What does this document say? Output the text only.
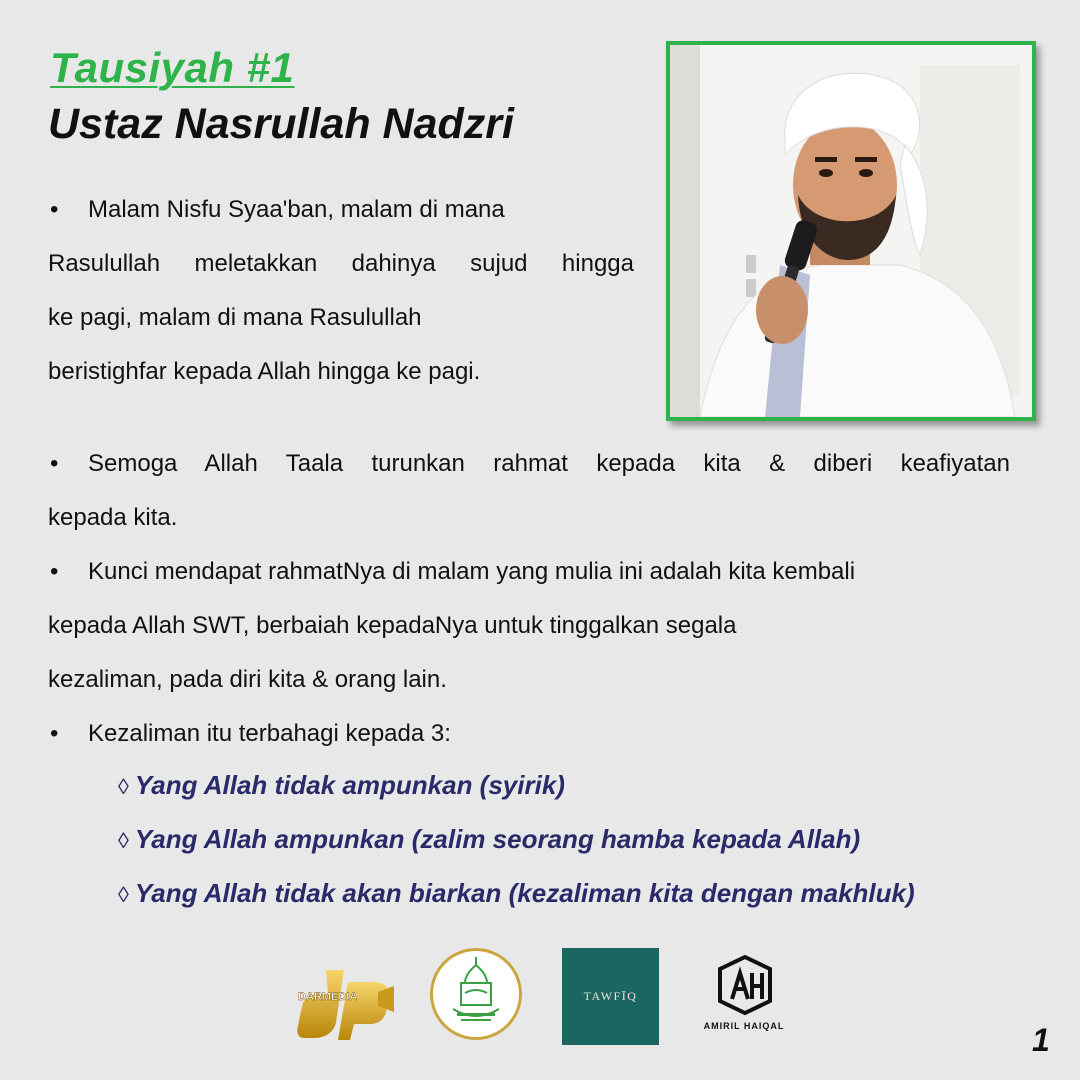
Tausiyah #1
Ustaz Nasrullah Nadzri
• Malam Nisfu Syaa'ban, malam di mana
Rasulullah meletakkan dahinya sujud hingga
ke pagi, malam di mana Rasulullah
beristighfar kepada Allah hingga ke pagi.
• Semoga Allah Taala turunkan rahmat kepada kita & diberi keafiyatan
kepada kita.
• Kunci mendapat rahmatNya di malam yang mulia ini adalah kita kembali
kepada Allah SWT, berbaiah kepadaNya untuk tinggalkan segala
kezaliman, pada diri kita & orang lain.
• Kezaliman itu terbahagi kepada 3:
◊ Yang Allah tidak ampunkan (syirik)
◊ Yang Allah ampunkan (zalim seorang hamba kepada Allah)
◊ Yang Allah tidak akan biarkan (kezaliman kita dengan makhluk)
DARMEDIA	TAWFĪQ
AMIRIL HAIQAL	1
